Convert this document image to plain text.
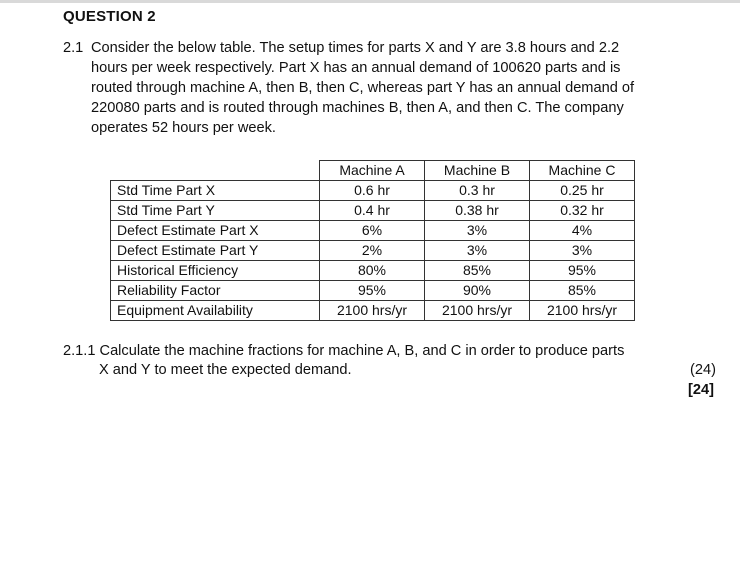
QUESTION 2
2.1 Consider the below table. The setup times for parts X and Y are 3.8 hours and 2.2
hours per week respectively. Part X has an annual demand of 100620 parts and is
routed through machine A, then B, then C, whereas part Y has an annual demand of
220080 parts and is routed through machines B, then A, and then C. The company
operates 52 hours per week.
	Machine A	Machine B	Machine C
Std Time Part X	0.6 hr	0.3 hr	0.25 hr
Std Time Part Y	0.4 hr	0.38 hr	0.32 hr
Defect Estimate Part X	6%	3%	4%
Defect Estimate Part Y	2%	3%	3%
Historical Efficiency	80%	85%	95%
Reliability Factor	95%	90%	85%
Equipment Availability	2100 hrs/yr	2100 hrs/yr	2100 hrs/yr
2.1.1 Calculate the machine fractions for machine A, B, and C in order to produce parts
X and Y to meet the expected demand.	(24)
[24]
